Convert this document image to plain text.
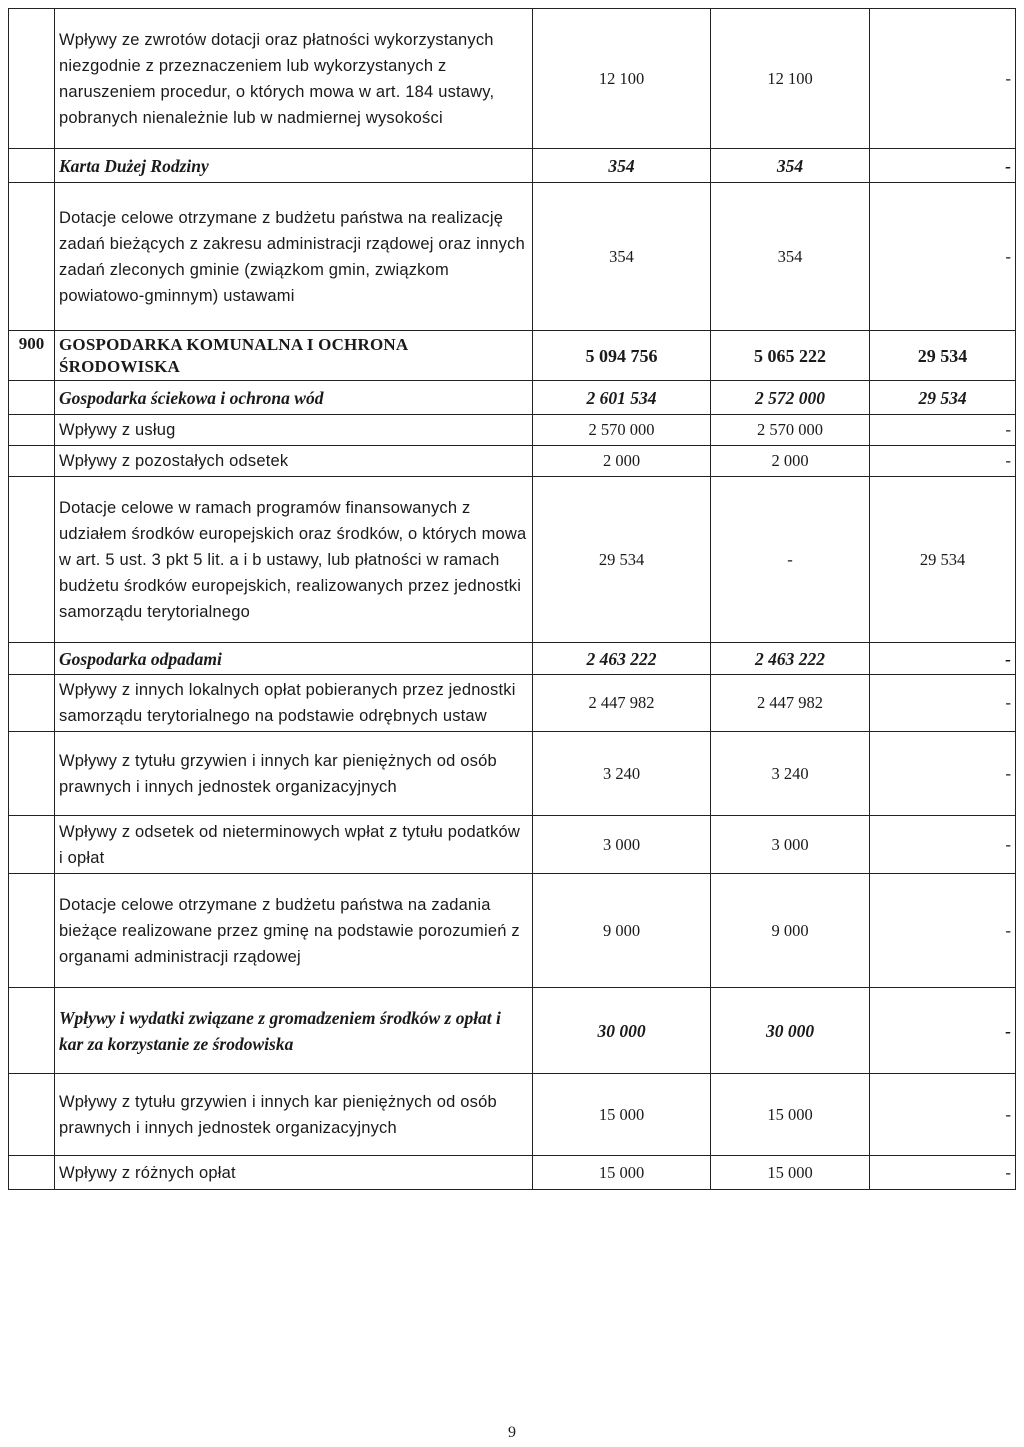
	Wpływy ze zwrotów dotacji oraz płatności wykorzystanych niezgodnie z przeznaczeniem lub wykorzystanych z naruszeniem procedur, o których mowa w art. 184 ustawy, pobranych nienależnie lub w nadmiernej wysokości	12 100	12 100	-
	Karta Dużej Rodziny	354	354	-
	Dotacje celowe otrzymane z budżetu państwa na realizację zadań bieżących z zakresu administracji rządowej oraz innych zadań zleconych gminie (związkom gmin, związkom powiatowo-gminnym) ustawami	354	354	-
900	GOSPODARKA KOMUNALNA I OCHRONA ŚRODOWISKA	5 094 756	5 065 222	29 534
	Gospodarka ściekowa i ochrona wód	2 601 534	2 572 000	29 534
	Wpływy z usług	2 570 000	2 570 000	-
	Wpływy z pozostałych odsetek	2 000	2 000	-
	Dotacje celowe w ramach programów finansowanych z udziałem środków europejskich oraz środków, o których mowa w art. 5 ust. 3 pkt 5 lit. a i b ustawy, lub płatności w ramach budżetu środków europejskich, realizowanych przez jednostki samorządu terytorialnego	29 534	-	29 534
	Gospodarka odpadami	2 463 222	2 463 222	-
	Wpływy z innych lokalnych opłat pobieranych przez jednostki samorządu terytorialnego na podstawie odrębnych ustaw	2 447 982	2 447 982	-
	Wpływy z tytułu grzywien i innych kar pieniężnych od osób prawnych i innych jednostek organizacyjnych	3 240	3 240	-
	Wpływy z odsetek od nieterminowych wpłat z tytułu podatków i opłat	3 000	3 000	-
	Dotacje celowe otrzymane z budżetu państwa na zadania bieżące realizowane przez gminę na podstawie porozumień z organami administracji rządowej	9 000	9 000	-
	Wpływy i wydatki związane z gromadzeniem środków z opłat i kar za korzystanie ze środowiska	30 000	30 000	-
	Wpływy z tytułu grzywien i innych kar pieniężnych od osób prawnych i innych jednostek organizacyjnych	15 000	15 000	-
	Wpływy z różnych opłat	15 000	15 000	-
9
